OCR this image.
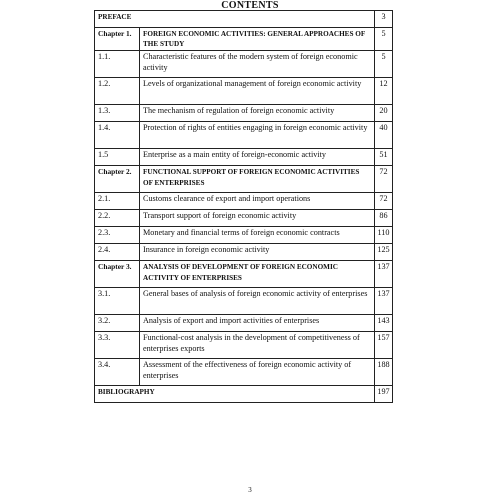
CONTENTS
PREFACE		3
Chapter 1.	FOREIGN ECONOMIC ACTIVITIES: GENERAL APPROACHES OF THE STUDY	5
1.1.	Characteristic features of the modern system of foreign economic activity	5
1.2.	Levels of organizational management of foreign economic activity	12
1.3.	The mechanism of regulation of foreign economic activity	20
1.4.	Protection of rights of entities engaging in foreign economic activity	40
1.5	Enterprise as a main entity of foreign-economic activity	51
Chapter 2.	FUNCTIONAL SUPPORT OF FOREIGN ECONOMIC ACTIVITIES OF ENTERPRISES	72
2.1.	Customs clearance of export and import operations	72
2.2.	Transport support of foreign economic activity	86
2.3.	Monetary and financial terms of foreign economic contracts	110
2.4.	Insurance in foreign economic activity	125
Chapter 3.	ANALYSIS OF DEVELOPMENT OF FOREIGN ECONOMIC ACTIVITY OF ENTERPRISES	137
3.1.	General bases of analysis of foreign economic activity of enterprises	137
3.2.	Analysis of export and import activities of enterprises	143
3.3.	Functional-cost analysis in the development of competitiveness of enterprises exports	157
3.4.	Assessment of the effectiveness of foreign economic activity of enterprises	188
BIBLIOGRAPHY		197
3
